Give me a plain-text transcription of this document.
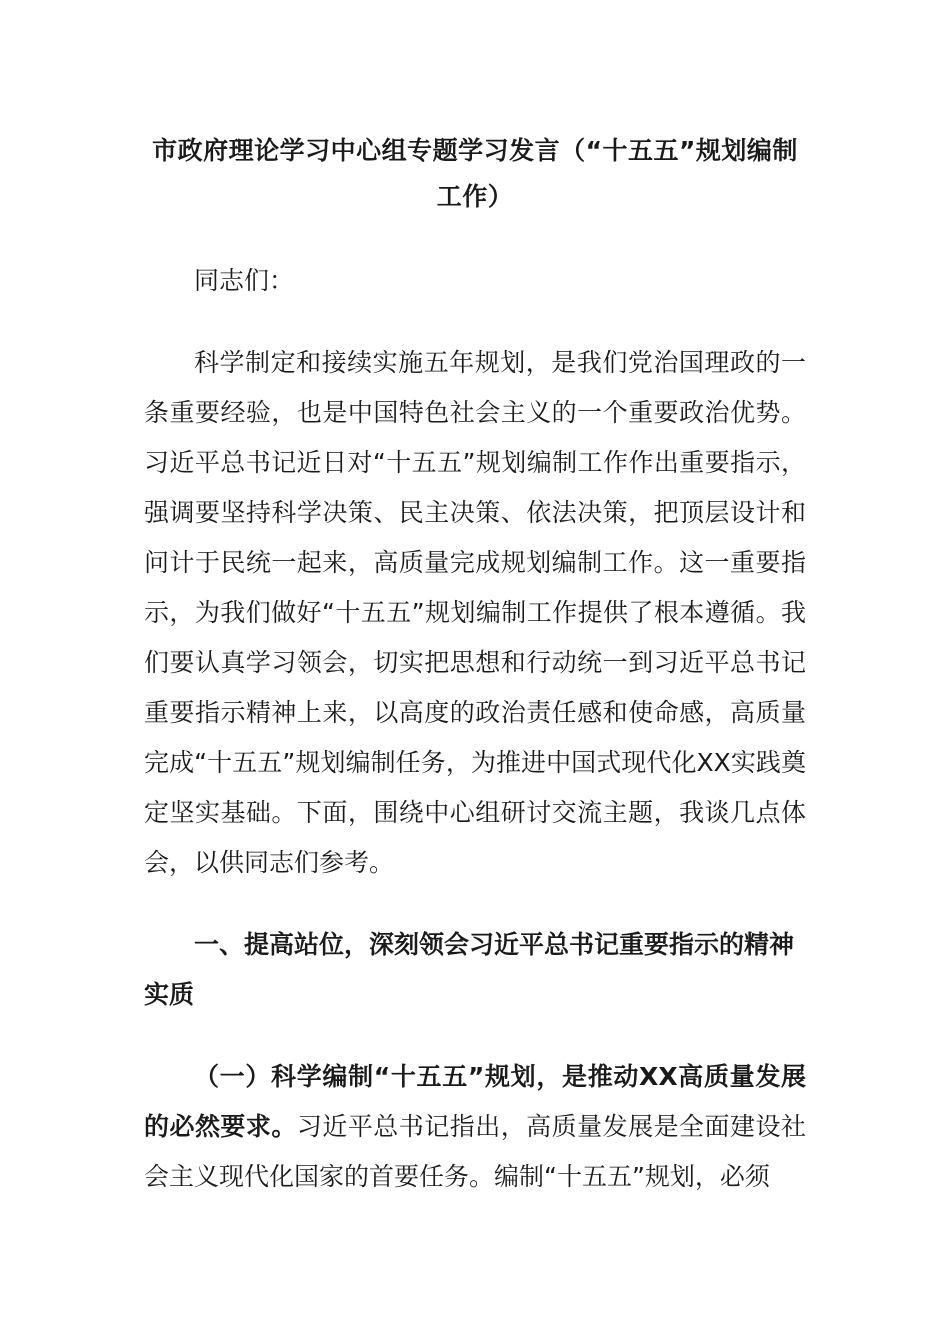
市政府理论学习中心组专题学习发言（“十五五”规划编制工作）

同志们：

科学制定和接续实施五年规划，是我们党治国理政的一条重要经验，也是中国特色社会主义的一个重要政治优势。习近平总书记近日对“十五五”规划编制工作作出重要指示，强调要坚持科学决策、民主决策、依法决策，把顶层设计和问计于民统一起来，高质量完成规划编制工作。这一重要指示，为我们做好“十五五”规划编制工作提供了根本遵循。我们要认真学习领会，切实把思想和行动统一到习近平总书记重要指示精神上来，以高度的政治责任感和使命感，高质量完成“十五五”规划编制任务，为推进中国式现代化XX实践奠定坚实基础。下面，围绕中心组研讨交流主题，我谈几点体会，以供同志们参考。

一、提高站位，深刻领会习近平总书记重要指示的精神实质

（一）科学编制“十五五”规划，是推动XX高质量发展的必然要求。习近平总书记指出，高质量发展是全面建设社会主义现代化国家的首要任务。编制“十五五”规划，必须
